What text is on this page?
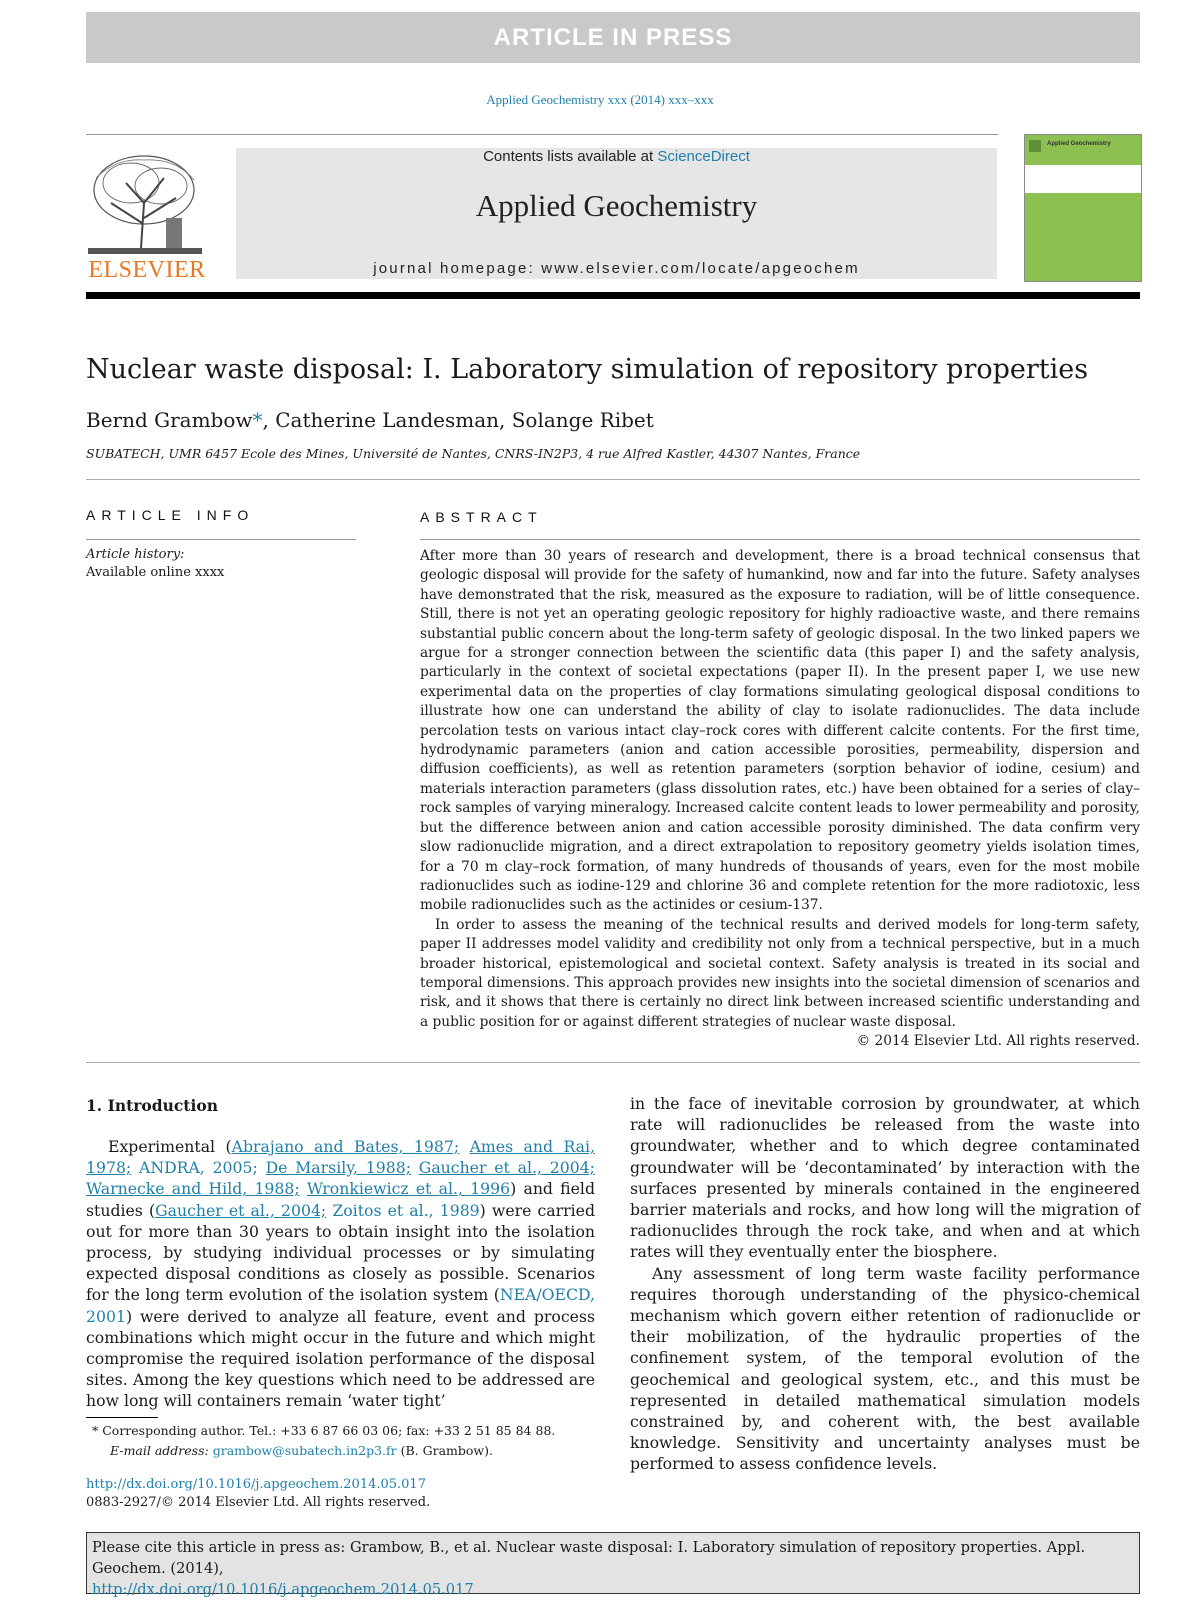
ARTICLE IN PRESS
Applied Geochemistry xxx (2014) xxx–xxx
ELSEVIER
Contents lists available at ScienceDirect
Applied Geochemistry
journal homepage: www.elsevier.com/locate/apgeochem
Applied Geochemistry
Nuclear waste disposal: I. Laboratory simulation of repository properties
Bernd Grambow*, Catherine Landesman, Solange Ribet
SUBATECH, UMR 6457 Ecole des Mines, Université de Nantes, CNRS-IN2P3, 4 rue Alfred Kastler, 44307 Nantes, France
ARTICLE INFO	ABSTRACT
Article history:
Available online xxxx

After more than 30 years of research and development, there is a broad technical consensus that geologic disposal will provide for the safety of humankind, now and far into the future. Safety analyses have demonstrated that the risk, measured as the exposure to radiation, will be of little consequence. Still, there is not yet an operating geologic repository for highly radioactive waste, and there remains substantial public concern about the long-term safety of geologic disposal. In the two linked papers we argue for a stronger connection between the scientific data (this paper I) and the safety analysis, particularly in the context of societal expectations (paper II). In the present paper I, we use new experimental data on the properties of clay formations simulating geological disposal conditions to illustrate how one can understand the ability of clay to isolate radionuclides. The data include percolation tests on various intact clay–rock cores with different calcite contents. For the first time, hydrodynamic parameters (anion and cation accessible porosities, permeability, dispersion and diffusion coefficients), as well as retention parameters (sorption behavior of iodine, cesium) and materials interaction parameters (glass dissolution rates, etc.) have been obtained for a series of clay–rock samples of varying mineralogy. Increased calcite content leads to lower permeability and porosity, but the difference between anion and cation accessible porosity diminished. The data confirm very slow radionuclide migration, and a direct extrapolation to repository geometry yields isolation times, for a 70 m clay–rock formation, of many hundreds of thousands of years, even for the most mobile radionuclides such as iodine-129 and chlorine 36 and complete retention for the more radiotoxic, less mobile radionuclides such as the actinides or cesium-137.

In order to assess the meaning of the technical results and derived models for long-term safety, paper II addresses model validity and credibility not only from a technical perspective, but in a much broader historical, epistemological and societal context. Safety analysis is treated in its social and temporal dimensions. This approach provides new insights into the societal dimension of scenarios and risk, and it shows that there is certainly no direct link between increased scientific understanding and a public position for or against different strategies of nuclear waste disposal.

© 2014 Elsevier Ltd. All rights reserved.

1. Introduction

Experimental (Abrajano and Bates, 1987; Ames and Rai, 1978; ANDRA, 2005; De Marsily, 1988; Gaucher et al., 2004; Warnecke and Hild, 1988; Wronkiewicz et al., 1996) and field studies (Gaucher et al., 2004; Zoitos et al., 1989) were carried out for more than 30 years to obtain insight into the isolation process, by studying individual processes or by simulating expected disposal conditions as closely as possible. Scenarios for the long term evolution of the isolation system (NEA/OECD, 2001) were derived to analyze all feature, event and process combinations which might occur in the future and which might compromise the required isolation performance of the disposal sites. Among the key questions which need to be addressed are how long will containers remain ‘water tight’

in the face of inevitable corrosion by groundwater, at which rate will radionuclides be released from the waste into groundwater, whether and to which degree contaminated groundwater will be ‘decontaminated’ by interaction with the surfaces presented by minerals contained in the engineered barrier materials and rocks, and how long will the migration of radionuclides through the rock take, and when and at which rates will they eventually enter the biosphere.

Any assessment of long term waste facility performance requires thorough understanding of the physico-chemical mechanism which govern either retention of radionuclide or their mobilization, of the hydraulic properties of the confinement system, of the temporal evolution of the geochemical and geological system, etc., and this must be represented in detailed mathematical simulation models constrained by, and coherent with, the best available knowledge. Sensitivity and uncertainty analyses must be performed to assess confidence levels.

* Corresponding author. Tel.: +33 6 87 66 03 06; fax: +33 2 51 85 84 88.
E-mail address: grambow@subatech.in2p3.fr (B. Grambow).
http://dx.doi.org/10.1016/j.apgeochem.2014.05.017
0883-2927/© 2014 Elsevier Ltd. All rights reserved.
Please cite this article in press as: Grambow, B., et al. Nuclear waste disposal: I. Laboratory simulation of repository properties. Appl. Geochem. (2014),
http://dx.doi.org/10.1016/j.apgeochem.2014.05.017
